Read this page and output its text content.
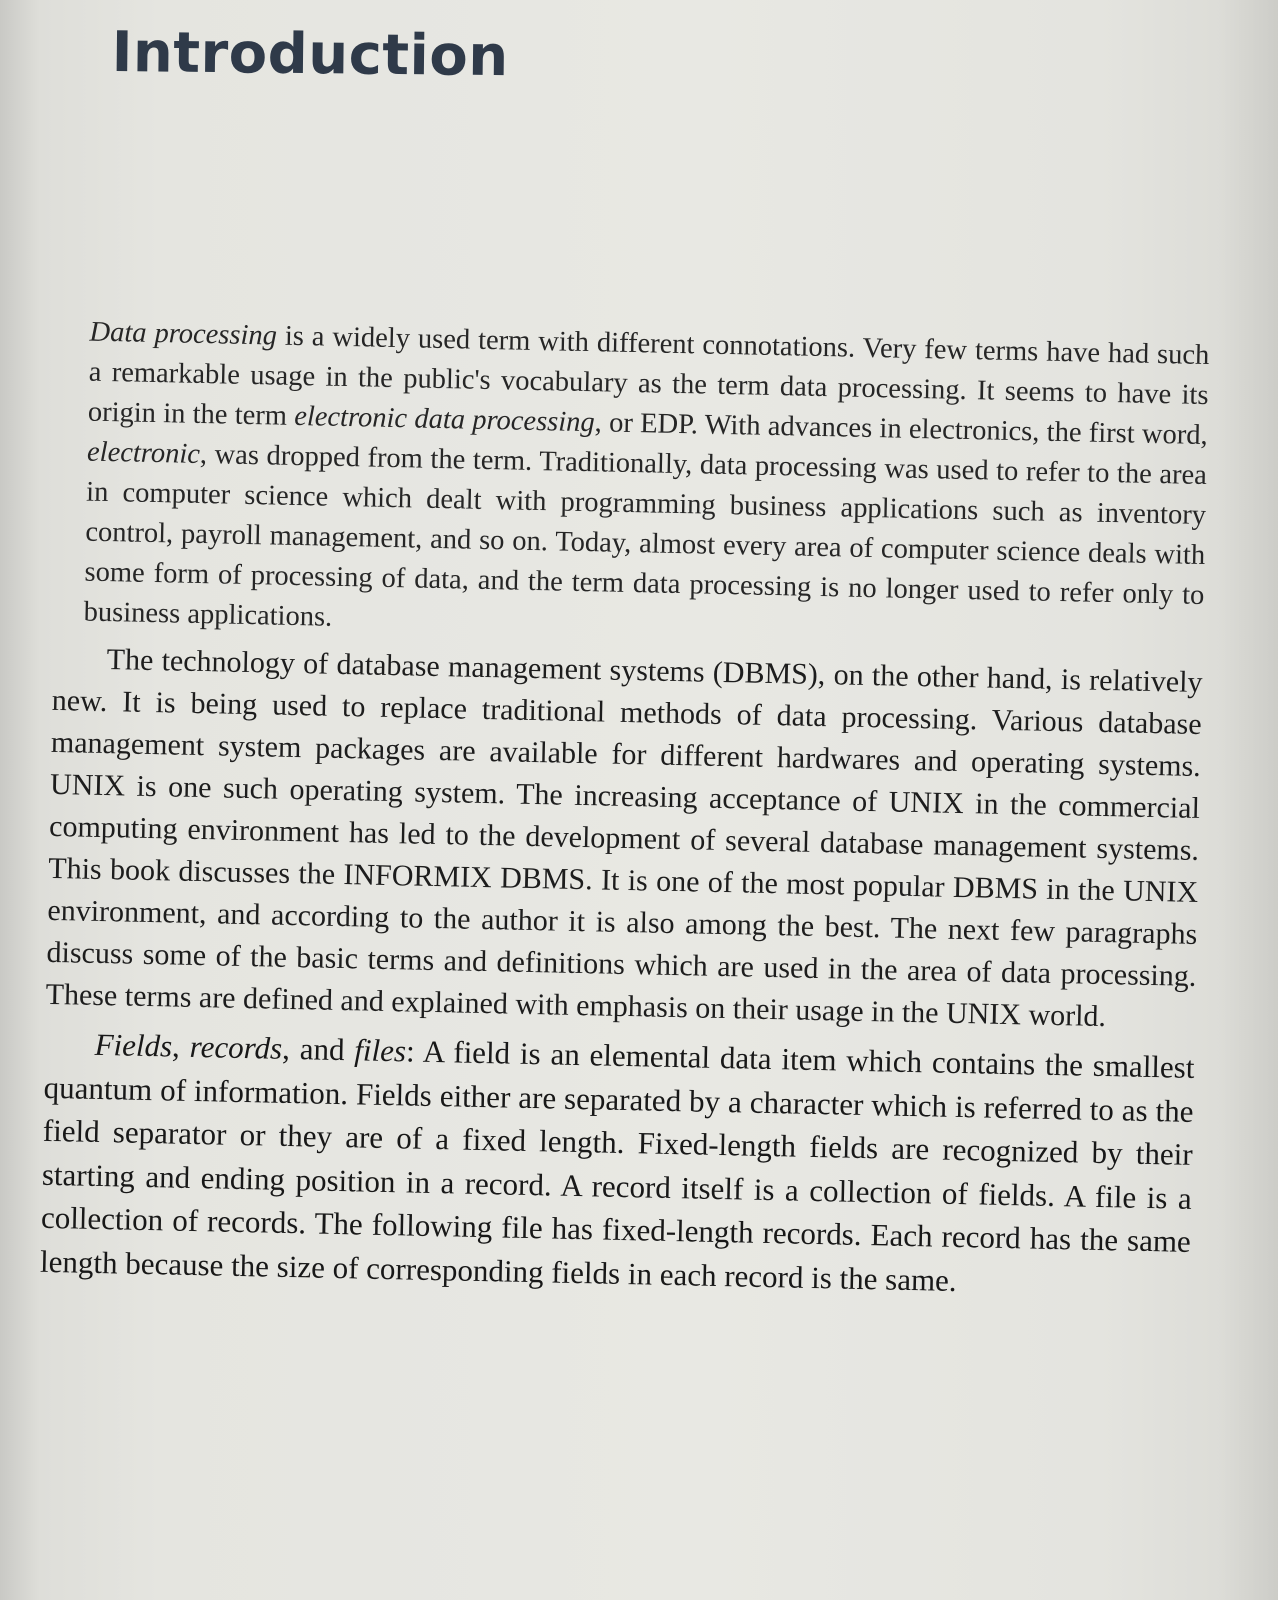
Introduction

Data processing is a widely used term with different connotations. Very few terms have had such a remarkable usage in the public's vocabulary as the term data processing. It seems to have its origin in the term electronic data processing, or EDP. With advances in electronics, the first word, electronic, was dropped from the term. Traditionally, data processing was used to refer to the area in computer science which dealt with programming business applications such as inventory control, payroll management, and so on. Today, almost every area of computer science deals with some form of processing of data, and the term data processing is no longer used to refer only to business applications.

The technology of database management systems (DBMS), on the other hand, is relatively new. It is being used to replace traditional methods of data processing. Various database management system packages are available for different hardwares and operating systems. UNIX is one such operating system. The increasing acceptance of UNIX in the commercial computing environment has led to the development of several database management systems. This book discusses the INFORMIX DBMS. It is one of the most popular DBMS in the UNIX environment, and according to the author it is also among the best. The next few paragraphs discuss some of the basic terms and definitions which are used in the area of data processing. These terms are defined and explained with emphasis on their usage in the UNIX world.

Fields, records, and files: A field is an elemental data item which contains the smallest quantum of information. Fields either are separated by a character which is referred to as the field separator or they are of a fixed length. Fixed-length fields are recognized by their starting and ending position in a record. A record itself is a collection of fields. A file is a collection of records. The following file has fixed-length records. Each record has the same length because the size of corresponding fields in each record is the same.
